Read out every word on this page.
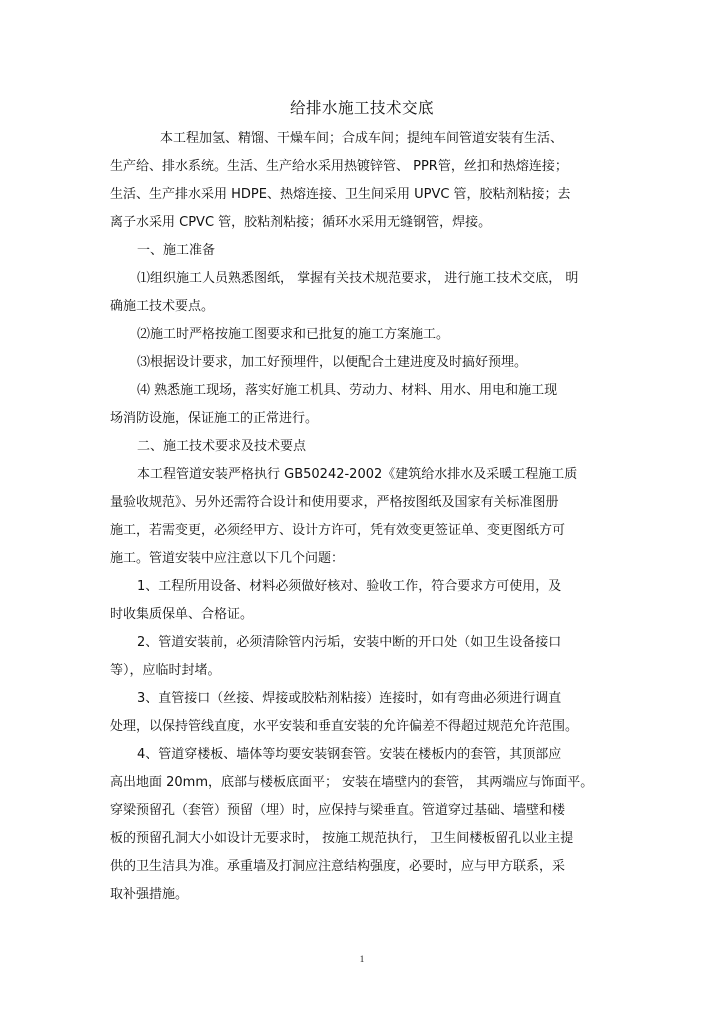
给排水施工技术交底
本工程加氢、精馏、干燥车间；合成车间；提纯车间管道安装有生活、
生产给、排水系统。生活、生产给水采用热镀锌管、 PPR管，丝扣和热熔连接；
生活、生产排水采用 HDPE、热熔连接、卫生间采用 UPVC 管，胶粘剂粘接；去
离子水采用 CPVC 管，胶粘剂粘接；循环水采用无缝钢管，焊接。
一、施工准备
⑴组织施工人员熟悉图纸， 掌握有关技术规范要求， 进行施工技术交底， 明
确施工技术要点。
⑵施工时严格按施工图要求和已批复的施工方案施工。
⑶根据设计要求，加工好预埋件，以便配合土建进度及时搞好预埋。
⑷ 熟悉施工现场，落实好施工机具、劳动力、材料、用水、用电和施工现
场消防设施，保证施工的正常进行。
二、施工技术要求及技术要点
本工程管道安装严格执行 GB50242-2002《建筑给水排水及采暖工程施工质
量验收规范》、另外还需符合设计和使用要求，严格按图纸及国家有关标准图册
施工，若需变更，必须经甲方、设计方许可，凭有效变更签证单、变更图纸方可
施工。管道安装中应注意以下几个问题：
1、工程所用设备、材料必须做好核对、验收工作，符合要求方可使用，及
时收集质保单、合格证。
2、管道安装前，必须清除管内污垢，安装中断的开口处（如卫生设备接口
等），应临时封堵。
3、直管接口（丝接、焊接或胶粘剂粘接）连接时，如有弯曲必须进行调直
处理，以保持管线直度，水平安装和垂直安装的允许偏差不得超过规范允许范围。
4、管道穿楼板、墙体等均要安装钢套管。安装在楼板内的套管，其顶部应
高出地面 20mm，底部与楼板底面平； 安装在墙壁内的套管， 其两端应与饰面平。
穿梁预留孔（套管）预留（埋）时，应保持与梁垂直。管道穿过基础、墙壁和楼
板的预留孔洞大小如设计无要求时， 按施工规范执行， 卫生间楼板留孔以业主提
供的卫生洁具为准。承重墙及打洞应注意结构强度，必要时，应与甲方联系，采
取补强措施。
1
